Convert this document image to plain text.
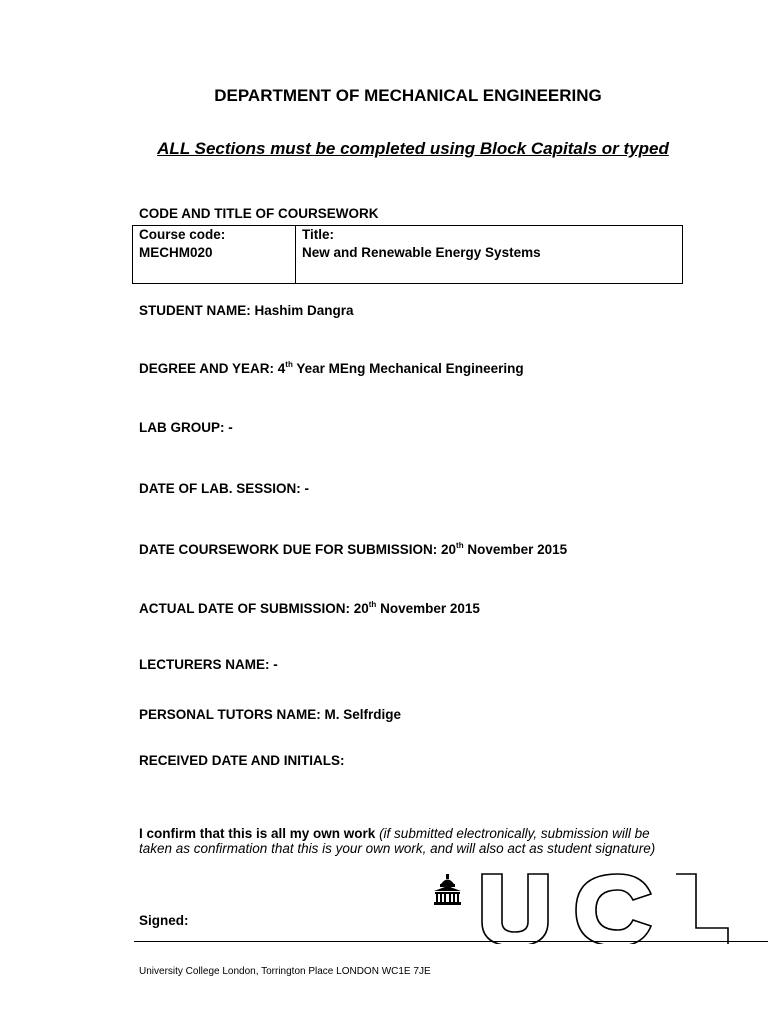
DEPARTMENT OF MECHANICAL ENGINEERING
ALL Sections must be completed using Block Capitals or typed
CODE AND TITLE OF COURSEWORK
Course code:
MECHM020
Title:
New and Renewable Energy Systems
STUDENT NAME: Hashim Dangra
DEGREE AND YEAR: 4th Year MEng Mechanical Engineering
LAB GROUP: -
DATE OF LAB. SESSION: -
DATE COURSEWORK DUE FOR SUBMISSION: 20th November 2015
ACTUAL DATE OF SUBMISSION: 20th November 2015
LECTURERS NAME: -
PERSONAL TUTORS NAME: M. Selfrdige
RECEIVED DATE AND INITIALS:
I confirm that this is all my own work (if submitted electronically, submission will be taken as confirmation that this is your own work, and will also act as student signature)
UCL
Signed:
University College London, Torrington Place LONDON WC1E 7JE
